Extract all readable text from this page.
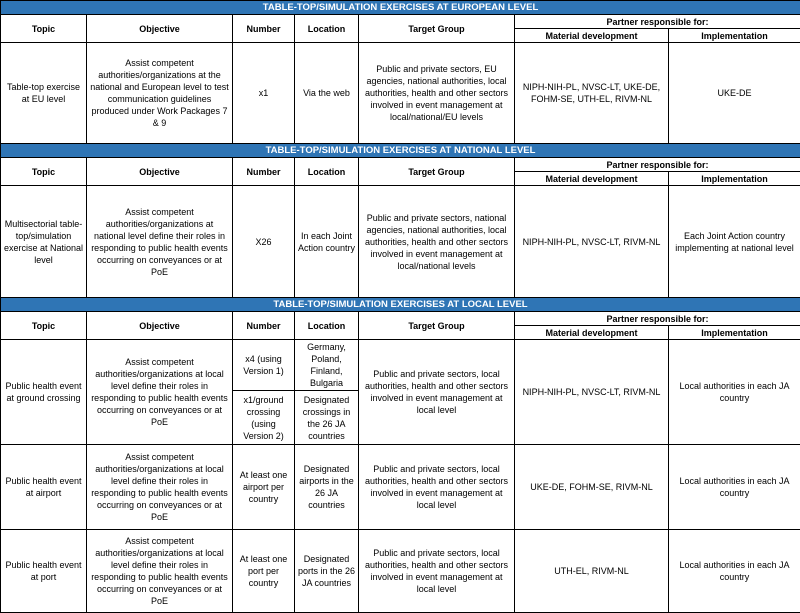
TABLE-TOP/SIMULATION EXERCISES AT EUROPEAN LEVEL						
Topic	Objective	Number	Location	Target Group	Partner responsible for:	
					Material development	Implementation
Table-top exercise at EU level	Assist competent authorities/organizations at the national and European level to test communication guidelines produced under Work Packages 7 & 9	x1	Via the web	Public and private sectors, EU agencies, national authorities, local authorities, health and other sectors involved in event management at local/national/EU levels	NIPH-NIH-PL, NVSC-LT, UKE-DE, FOHM-SE, UTH-EL, RIVM-NL	UKE-DE
TABLE-TOP/SIMULATION EXERCISES AT NATIONAL LEVEL						
Topic	Objective	Number	Location	Target Group	Partner responsible for:	
					Material development	Implementation
Multisectorial table-top/simulation exercise at National level	Assist competent authorities/organizations at national level define their roles in responding to public health events occurring on conveyances or at PoE	X26	In each Joint Action country	Public and private sectors, national agencies, national authorities, local authorities, health and other sectors involved in event management at local/national levels	NIPH-NIH-PL, NVSC-LT, RIVM-NL	Each Joint Action country implementing at national level
TABLE-TOP/SIMULATION EXERCISES AT LOCAL LEVEL						
Topic	Objective	Number	Location	Target Group	Partner responsible for:	
					Material development	Implementation
Public health event at ground crossing	Assist competent authorities/organizations at local level define their roles in responding to public health events occurring on conveyances or at PoE	x4 (using Version 1)	Germany, Poland, Finland, Bulgaria	Public and private sectors, local authorities, health and other sectors involved in event management at local level	NIPH-NIH-PL, NVSC-LT, RIVM-NL	Local authorities in each JA country
		x1/ground crossing (using Version 2)	Designated crossings in the 26 JA countries			
Public health event at airport	Assist competent authorities/organizations at local level define their roles in responding to public health events occurring on conveyances or at PoE	At least one airport per country	Designated airports in the 26 JA countries	Public and private sectors, local authorities, health and other sectors involved in event management at local level	UKE-DE, FOHM-SE, RIVM-NL	Local authorities in each JA country
Public health event at port	Assist competent authorities/organizations at local level define their roles in responding to public health events occurring on conveyances or at PoE	At least one port per country	Designated ports in the 26 JA countries	Public and private sectors, local authorities, health and other sectors involved in event management at local level	UTH-EL, RIVM-NL	Local authorities in each JA country
